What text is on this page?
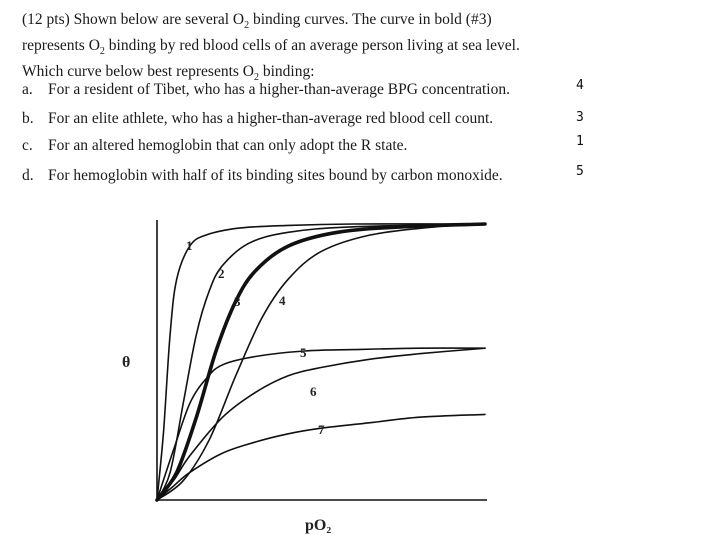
(12 pts) Shown below are several $O_2$ binding curves. The curve in bold (#3)
represents $O_2$ binding by red blood cells of an average person living at sea level.
Which curve below best represents $O_2$ binding:
a. For a resident of Tibet, who has a higher-than-average BPG concentration.
b. For an elite athlete, who has a higher-than-average red blood cell count.
c. For an altered hemoglobin that can only adopt the R state.
d. For hemoglobin with half of its binding sites bound by carbon monoxide.
4
3
1
5
1
2
3	4
5
6
7
θ
pO₂
